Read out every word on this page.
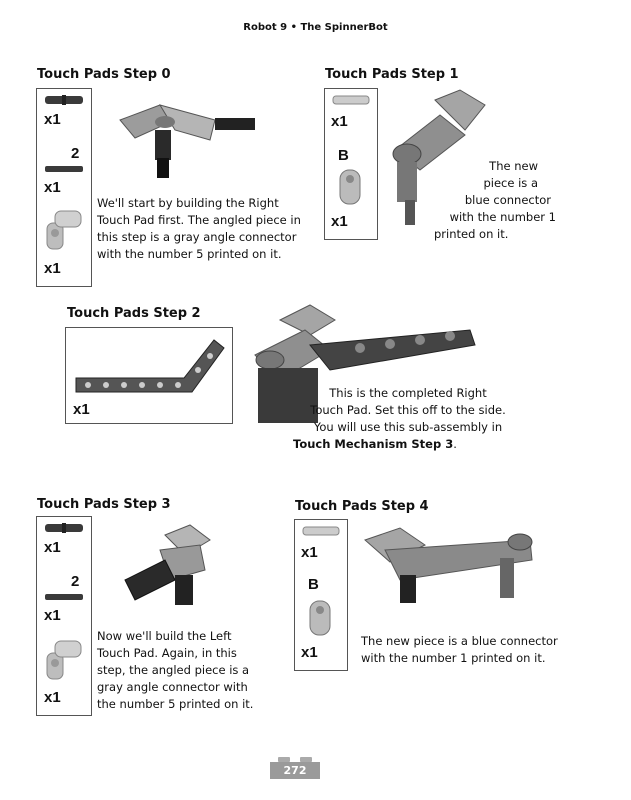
Robot 9 • The SpinnerBot
Touch Pads Step 0
x1
2
x1
x1
We'll start by building the Right
Touch Pad first. The angled piece in
this step is a gray angle connector
with the number 5 printed on it.
Touch Pads Step 1
x1
B
x1
The new
piece is a
blue connector
with the number 1
printed on it.
Touch Pads Step 2
x1
This is the completed Right
Touch Pad. Set this off to the side.
You will use this sub-assembly in
Touch Mechanism Step 3.
Touch Pads Step 3
x1
2
x1
x1
Now we'll build the Left
Touch Pad. Again, in this
step, the angled piece is a
gray angle connector with
the number 5 printed on it.
Touch Pads Step 4
x1
B
x1
The new piece is a blue connector
with the number 1 printed on it.
272
